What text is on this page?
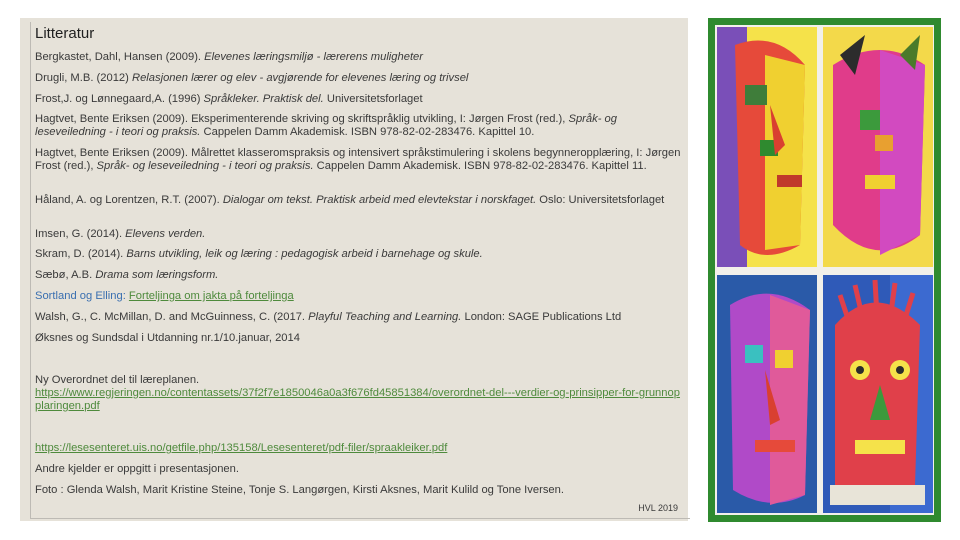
Litteratur
Bergkastet, Dahl, Hansen (2009). Elevenes læringsmiljø - lærerens muligheter
Drugli, M.B. (2012) Relasjonen lærer og elev - avgjørende for elevenes læring og trivsel
Frost,J. og Lønnegaard,A. (1996) Språkleker. Praktisk del. Universitetsforlaget
Hagtvet, Bente Eriksen (2009). Eksperimenterende skriving og skriftspråklig utvikling, I: Jørgen Frost (red.), Språk- og leseveiledning - i teori og praksis. Cappelen Damm Akademisk. ISBN 978-82-02-283476. Kapittel 10.
Hagtvet, Bente Eriksen (2009). Målrettet klasseromspraksis og intensivert språkstimulering i skolens begynneropplæring, I: Jørgen Frost (red.), Språk- og leseveiledning - i teori og praksis. Cappelen Damm Akademisk. ISBN 978-82-02-283476. Kapittel 11.
Håland, A. og Lorentzen, R.T. (2007). Dialogar om tekst. Praktisk arbeid med elevtekstar i norskfaget. Oslo: Universitetsforlaget
Imsen, G. (2014). Elevens verden.
Skram, D. (2014). Barns utvikling, leik og læring : pedagogisk arbeid i barnehage og skule.
Sæbø, A.B. Drama som læringsform.
Sortland og Elling: Forteljinga om jakta på forteljinga
Walsh, G., C. McMillan, D. and McGuinness, C. (2017. Playful Teaching and Learning. London: SAGE Publications Ltd
Øksnes og Sundsdal i Utdanning nr.1/10.januar, 2014
Ny Overordnet del til læreplanen.
https://www.regjeringen.no/contentassets/37f2f7e1850046a0a3f676fd45851384/overordnet-del---verdier-og-prinsipper-for-grunnopplaringen.pdf
https://lesesenteret.uis.no/getfile.php/135158/Lesesenteret/pdf-filer/spraakleiker.pdf
Andre kjelder er oppgitt i presentasjonen.
Foto : Glenda Walsh, Marit Kristine Steine, Tonje S. Langørgen, Kirsti Aksnes, Marit Kulild og Tone Iversen.
HVL 2019
